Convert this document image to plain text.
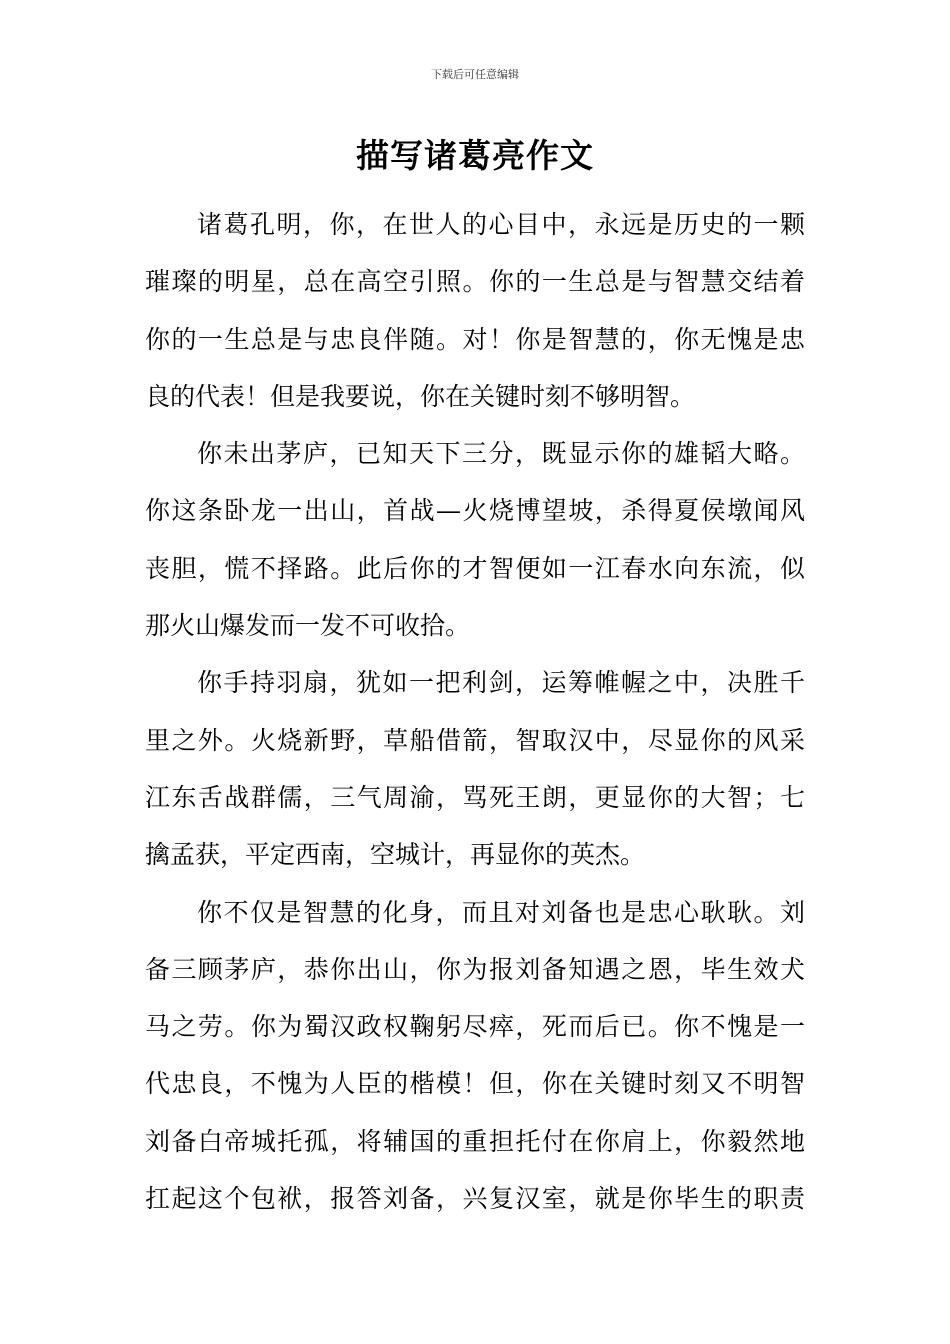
下载后可任意编辑
描写诸葛亮作文
诸葛孔明，你，在世人的心目中，永远是历史的一颗
璀璨的明星，总在高空引照。你的一生总是与智慧交结着
你的一生总是与忠良伴随。对！你是智慧的，你无愧是忠
良的代表！但是我要说，你在关键时刻不够明智。
你未出茅庐，已知天下三分，既显示你的雄韬大略。
你这条卧龙一出山，首战—火烧博望坡，杀得夏侯墩闻风
丧胆，慌不择路。此后你的才智便如一江春水向东流，似
那火山爆发而一发不可收拾。
你手持羽扇，犹如一把利剑，运筹帷幄之中，决胜千
里之外。火烧新野，草船借箭，智取汉中，尽显你的风采
江东舌战群儒，三气周渝，骂死王朗，更显你的大智；七
擒孟获，平定西南，空城计，再显你的英杰。
你不仅是智慧的化身，而且对刘备也是忠心耿耿。刘
备三顾茅庐，恭你出山，你为报刘备知遇之恩，毕生效犬
马之劳。你为蜀汉政权鞠躬尽瘁，死而后已。你不愧是一
代忠良，不愧为人臣的楷模！但，你在关键时刻又不明智
刘备白帝城托孤，将辅国的重担托付在你肩上，你毅然地
扛起这个包袱，报答刘备，兴复汉室，就是你毕生的职责
